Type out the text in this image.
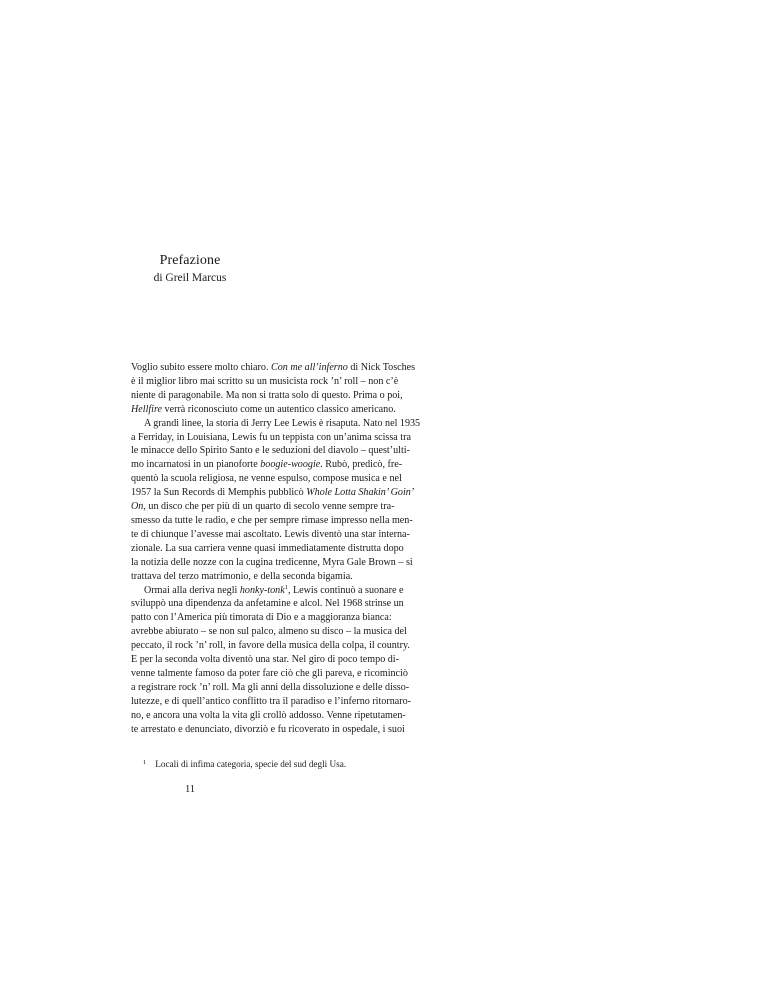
Prefazione
di Greil Marcus
Voglio subito essere molto chiaro. Con me all’inferno di Nick Tosches
è il miglior libro mai scritto su un musicista rock ’n’ roll – non c’è
niente di paragonabile. Ma non si tratta solo di questo. Prima o poi,
Hellfire verrà riconosciuto come un autentico classico americano.
A grandi linee, la storia di Jerry Lee Lewis è risaputa. Nato nel 1935
a Ferriday, in Louisiana, Lewis fu un teppista con un’anima scissa tra
le minacce dello Spirito Santo e le seduzioni del diavolo – quest’ulti-
mo incarnatosi in un pianoforte boogie-woogie. Rubò, predicò, fre-
quentò la scuola religiosa, ne venne espulso, compose musica e nel
1957 la Sun Records di Memphis pubblicò Whole Lotta Shakin’ Goin’
On, un disco che per più di un quarto di secolo venne sempre tra-
smesso da tutte le radio, e che per sempre rimase impresso nella men-
te di chiunque l’avesse mai ascoltato. Lewis diventò una star interna-
zionale. La sua carriera venne quasi immediatamente distrutta dopo
la notizia delle nozze con la cugina tredicenne, Myra Gale Brown – si
trattava del terzo matrimonio, e della seconda bigamia.
Ormai alla deriva negli honky-tonk$^1$, Lewis continuò a suonare e
sviluppò una dipendenza da anfetamine e alcol. Nel 1968 strinse un
patto con l’America più timorata di Dio e a maggioranza bianca:
avrebbe abiurato – se non sul palco, almeno su disco – la musica del
peccato, il rock ’n’ roll, in favore della musica della colpa, il country.
E per la seconda volta diventò una star. Nel giro di poco tempo di-
venne talmente famoso da poter fare ciò che gli pareva, e ricominciò
a registrare rock ’n’ roll. Ma gli anni della dissoluzione e delle disso-
lutezze, e di quell’antico conflitto tra il paradiso e l’inferno ritornaro-
no, e ancora una volta la vita gli crollò addosso. Venne ripetutamen-
te arrestato e denunciato, divorziò e fu ricoverato in ospedale, i suoi
$^1$ Locali di infima categoria, specie del sud degli Usa.
11
